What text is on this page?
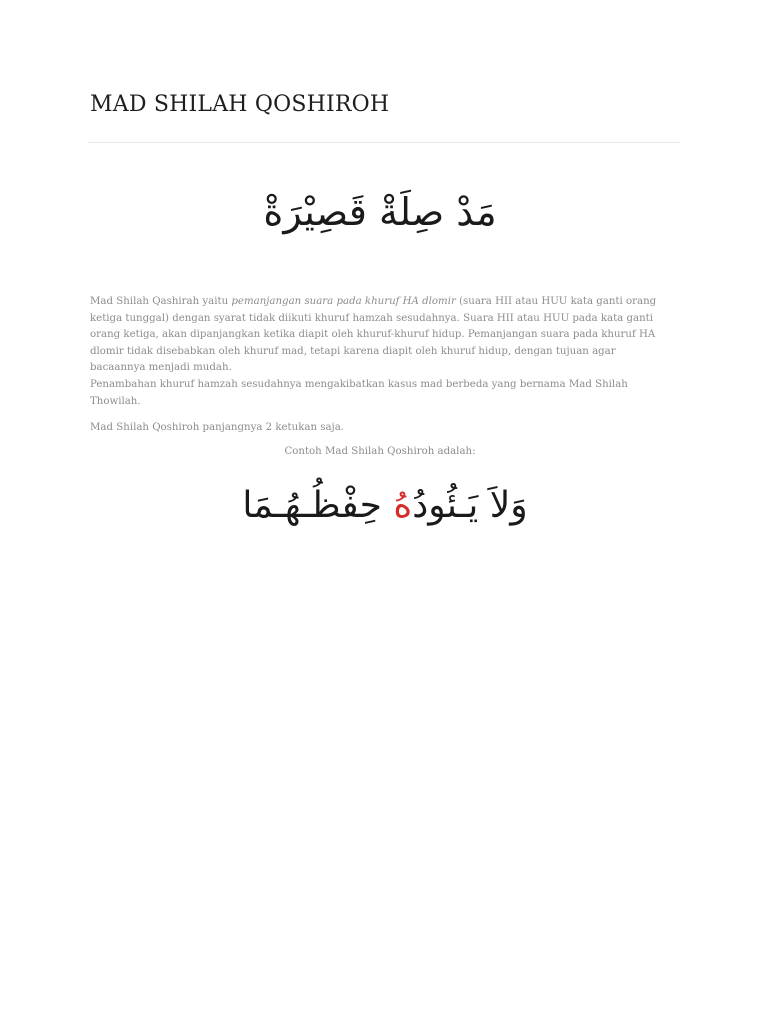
MAD SHILAH QOSHIROH
مَدْ صِلَةْ قَصِيْرَةْ

Mad Shilah Qashirah yaitu pemanjangan suara pada khuruf HA dlomir (suara HII atau HUU kata ganti orang ketiga tunggal) dengan syarat tidak diikuti khuruf hamzah sesudahnya. Suara HII atau HUU pada kata ganti orang ketiga, akan dipanjangkan ketika diapit oleh khuruf-khuruf hidup. Pemanjangan suara pada khuruf HA dlomir tidak disebabkan oleh khuruf mad, tetapi karena diapit oleh khuruf hidup, dengan tujuan agar bacaannya menjadi mudah.
Penambahan khuruf hamzah sesudahnya mengakibatkan kasus mad berbeda yang bernama Mad Shilah Thowilah.

Mad Shilah Qoshiroh panjangnya 2 ketukan saja.

Contoh Mad Shilah Qoshiroh adalah:
وَلاَ يَـئُودُهُ حِفْظُـهُـمَا
